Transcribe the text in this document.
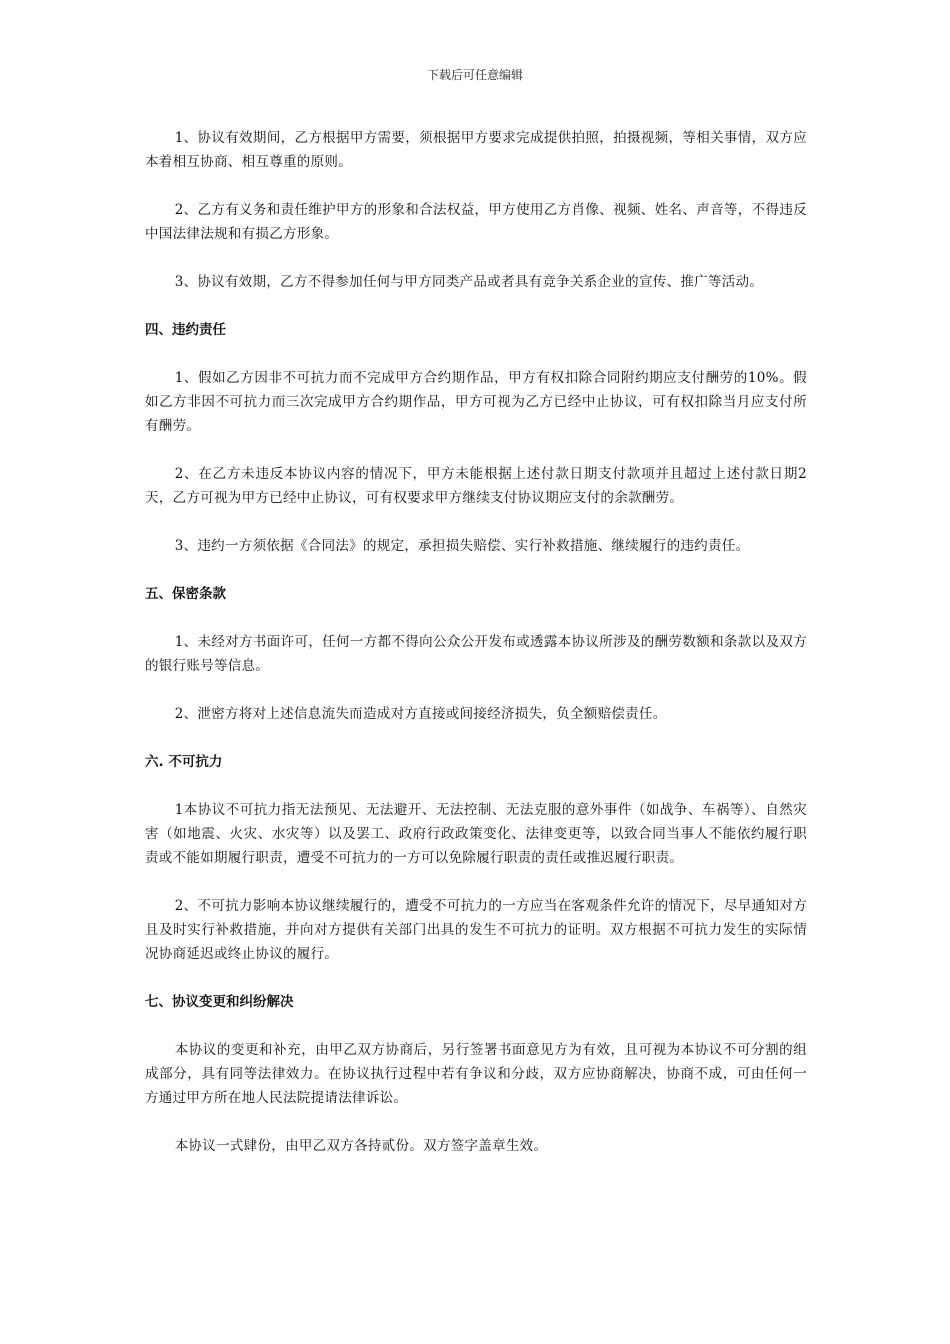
下载后可任意编辑

1、协议有效期间，乙方根据甲方需要，须根据甲方要求完成提供拍照，拍摄视频，等相关事情，双方应本着相互协商、相互尊重的原则。

2、乙方有义务和责任维护甲方的形象和合法权益，甲方使用乙方肖像、视频、姓名、声音等，不得违反中国法律法规和有损乙方形象。

3、协议有效期，乙方不得参加任何与甲方同类产品或者具有竞争关系企业的宣传、推广等活动。

四、违约责任

1、假如乙方因非不可抗力而不完成甲方合约期作品，甲方有权扣除合同附约期应支付酬劳的10%。假如乙方非因不可抗力而三次完成甲方合约期作品，甲方可视为乙方已经中止协议，可有权扣除当月应支付所有酬劳。

2、在乙方未违反本协议内容的情况下，甲方未能根据上述付款日期支付款项并且超过上述付款日期2天，乙方可视为甲方已经中止协议，可有权要求甲方继续支付协议期应支付的余款酬劳。

3、违约一方须依据《合同法》的规定，承担损失赔偿、实行补救措施、继续履行的违约责任。

五、保密条款

1、未经对方书面许可，任何一方都不得向公众公开发布或透露本协议所涉及的酬劳数额和条款以及双方的银行账号等信息。

2、泄密方将对上述信息流失而造成对方直接或间接经济损失，负全额赔偿责任。

六. 不可抗力

1本协议不可抗力指无法预见、无法避开、无法控制、无法克服的意外事件（如战争、车祸等）、自然灾害（如地震、火灾、水灾等）以及罢工、政府行政政策变化、法律变更等，以致合同当事人不能依约履行职责或不能如期履行职责，遭受不可抗力的一方可以免除履行职责的责任或推迟履行职责。

2、不可抗力影响本协议继续履行的，遭受不可抗力的一方应当在客观条件允许的情况下，尽早通知对方且及时实行补救措施，并向对方提供有关部门出具的发生不可抗力的证明。双方根据不可抗力发生的实际情况协商延迟或终止协议的履行。

七、协议变更和纠纷解决

本协议的变更和补充，由甲乙双方协商后，另行签署书面意见方为有效，且可视为本协议不可分割的组成部分，具有同等法律效力。在协议执行过程中若有争议和分歧，双方应协商解决，协商不成，可由任何一方通过甲方所在地人民法院提请法律诉讼。

本协议一式肆份，由甲乙双方各持贰份。双方签字盖章生效。
